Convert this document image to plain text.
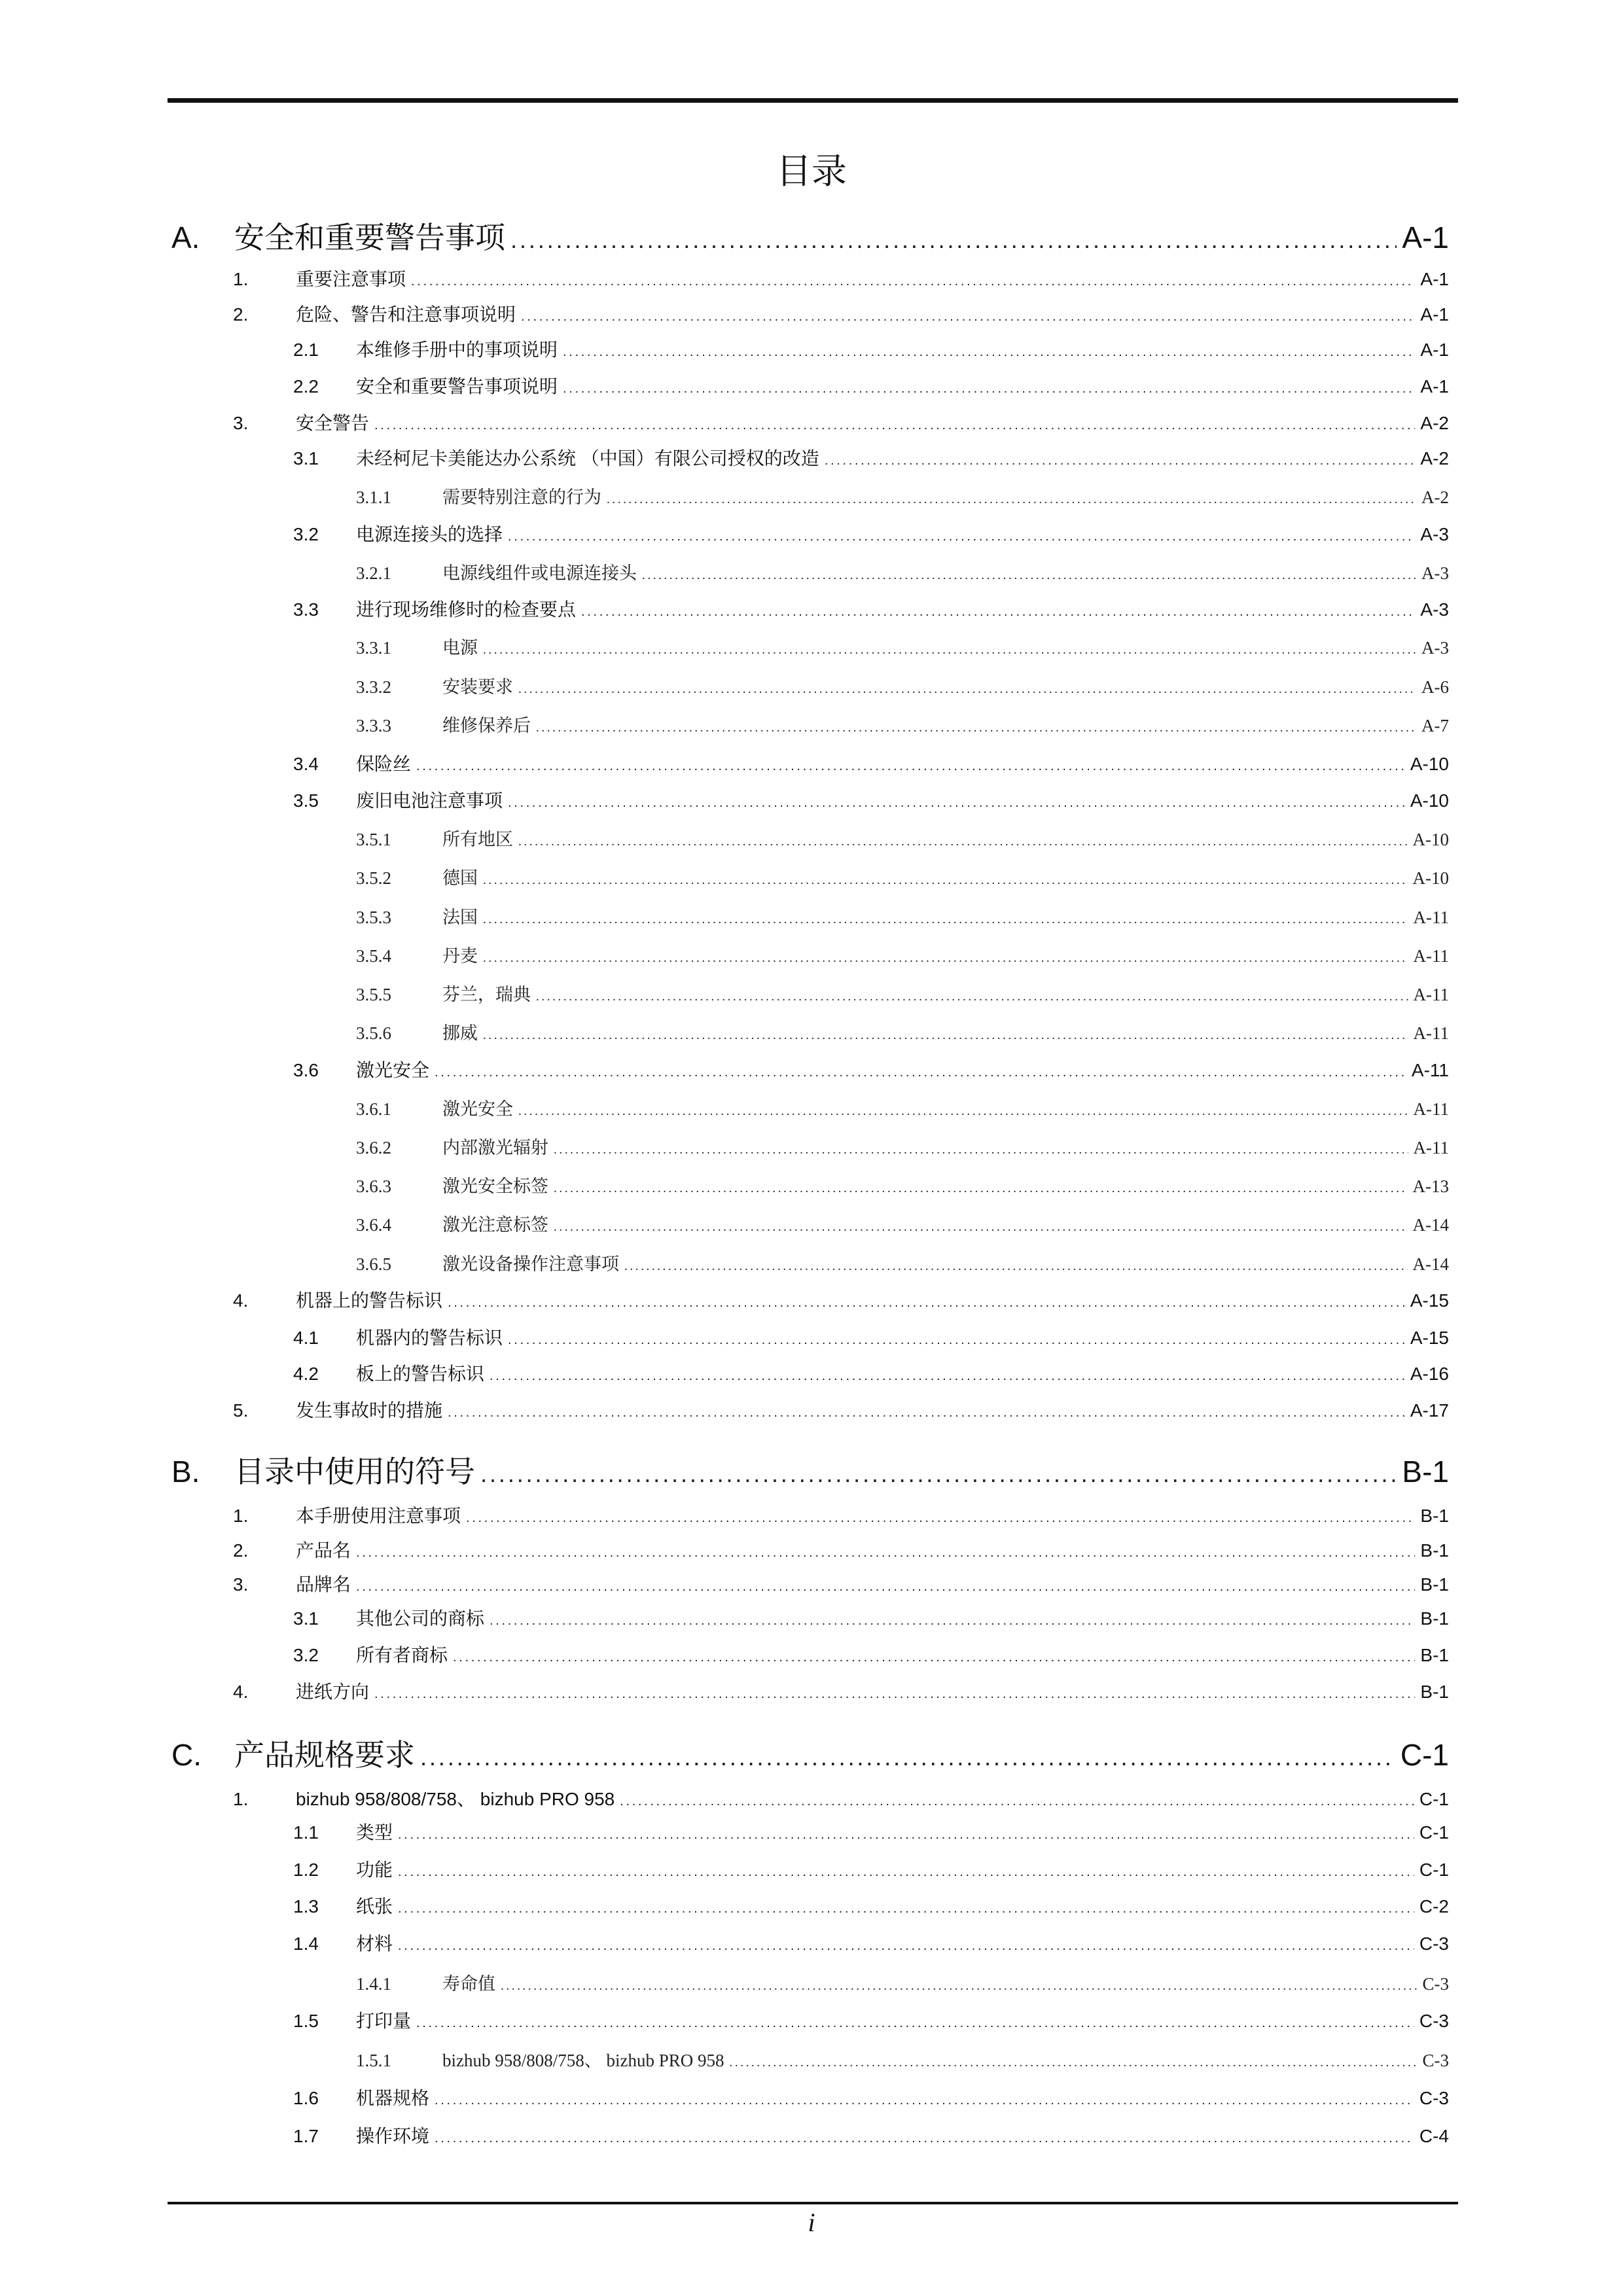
目录
A.	安全和重要警告事项 .....	A-1
1.	重要注意事项 .....	A-1
2.	危险、警告和注意事项说明 .....	A-1
2.1	本维修手册中的事项说明 .....	A-1
2.2	安全和重要警告事项说明 .....	A-1
3.	安全警告 .....	A-2
3.1	未经柯尼卡美能达办公系统 （中国）有限公司授权的改造 .....	A-2
3.1.1	需要特别注意的行为 .....	A-2
3.2	电源连接头的选择 .....	A-3
3.2.1	电源线组件或电源连接头 .....	A-3
3.3	进行现场维修时的检查要点 .....	A-3
3.3.1	电源 .....	A-3
3.3.2	安装要求 .....	A-6
3.3.3	维修保养后 .....	A-7
3.4	保险丝 .....	A-10
3.5	废旧电池注意事项 .....	A-10
3.5.1	所有地区 .....	A-10
3.5.2	德国 .....	A-10
3.5.3	法国 .....	A-11
3.5.4	丹麦 .....	A-11
3.5.5	芬兰，瑞典 .....	A-11
3.5.6	挪威 .....	A-11
3.6	激光安全 .....	A-11
3.6.1	激光安全 .....	A-11
3.6.2	内部激光辐射 .....	A-11
3.6.3	激光安全标签 .....	A-13
3.6.4	激光注意标签 .....	A-14
3.6.5	激光设备操作注意事项 .....	A-14
4.	机器上的警告标识 .....	A-15
4.1	机器内的警告标识 .....	A-15
4.2	板上的警告标识 .....	A-16
5.	发生事故时的措施 .....	A-17
B.	目录中使用的符号 .....	B-1
1.	本手册使用注意事项 .....	B-1
2.	产品名 .....	B-1
3.	品牌名 .....	B-1
3.1	其他公司的商标 .....	B-1
3.2	所有者商标 .....	B-1
4.	进纸方向 .....	B-1
C.	产品规格要求 .....	C-1
1.	bizhub 958/808/758、 bizhub PRO 958 .....	C-1
1.1	类型 .....	C-1
1.2	功能 .....	C-1
1.3	纸张 .....	C-2
1.4	材料 .....	C-3
1.4.1	寿命值 .....	C-3
1.5	打印量 .....	C-3
1.5.1	bizhub 958/808/758、 bizhub PRO 958 .....	C-3
1.6	机器规格 .....	C-3
1.7	操作环境 .....	C-4
i
